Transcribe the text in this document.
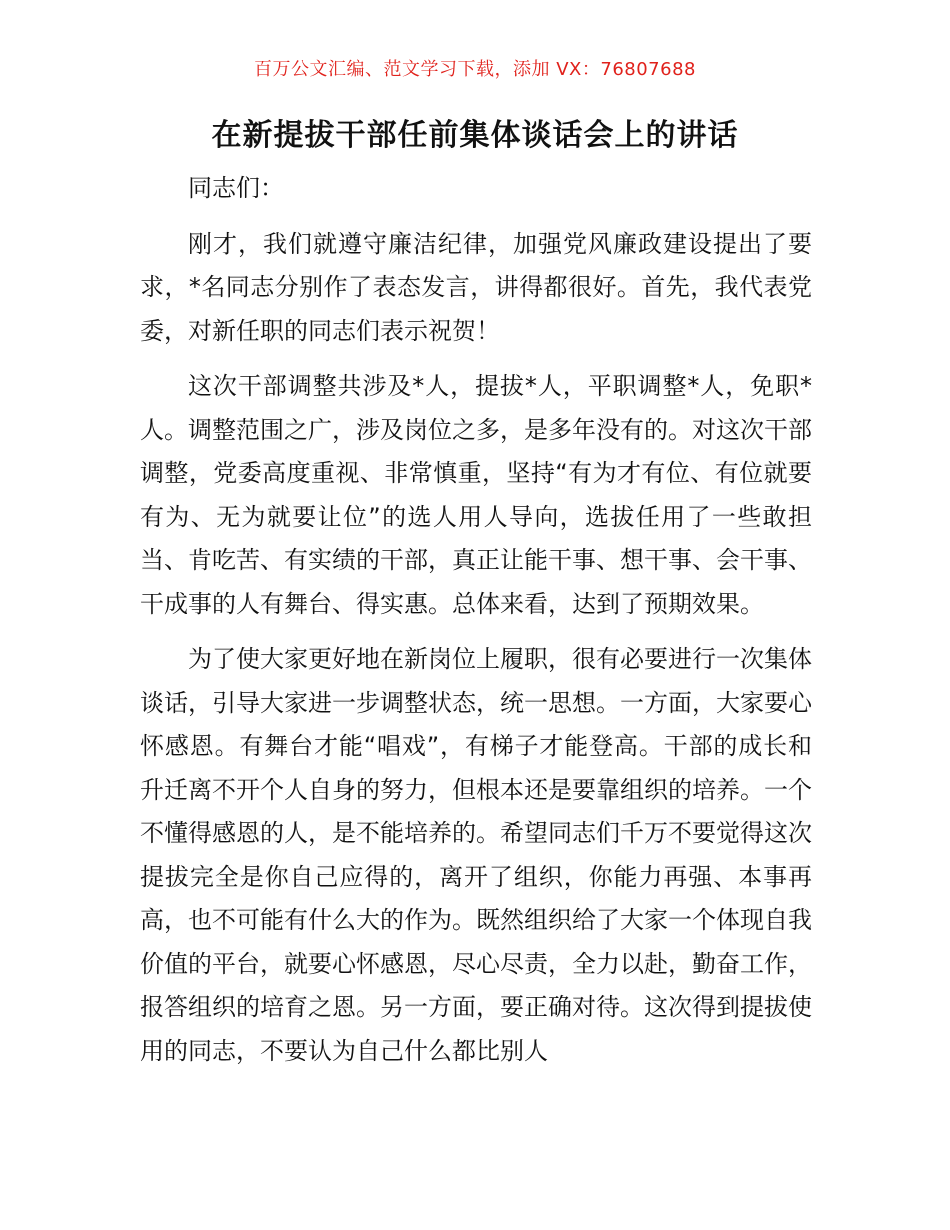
百万公文汇编、范文学习下载，添加 VX：76807688
在新提拔干部任前集体谈话会上的讲话

同志们：

刚才，我们就遵守廉洁纪律，加强党风廉政建设提出了要求，*名同志分别作了表态发言，讲得都很好。首先，我代表党委，对新任职的同志们表示祝贺！

这次干部调整共涉及*人，提拔*人，平职调整*人，免职*人。调整范围之广，涉及岗位之多，是多年没有的。对这次干部调整，党委高度重视、非常慎重，坚持“有为才有位、有位就要有为、无为就要让位”的选人用人导向，选拔任用了一些敢担当、肯吃苦、有实绩的干部，真正让能干事、想干事、会干事、干成事的人有舞台、得实惠。总体来看，达到了预期效果。

为了使大家更好地在新岗位上履职，很有必要进行一次集体谈话，引导大家进一步调整状态，统一思想。一方面，大家要心怀感恩。有舞台才能“唱戏”，有梯子才能登高。干部的成长和升迁离不开个人自身的努力，但根本还是要靠组织的培养。一个不懂得感恩的人，是不能培养的。希望同志们千万不要觉得这次提拔完全是你自己应得的，离开了组织，你能力再强、本事再高，也不可能有什么大的作为。既然组织给了大家一个体现自我价值的平台，就要心怀感恩，尽心尽责，全力以赴，勤奋工作，报答组织的培育之恩。另一方面，要正确对待。这次得到提拔使用的同志，不要认为自己什么都比别人
